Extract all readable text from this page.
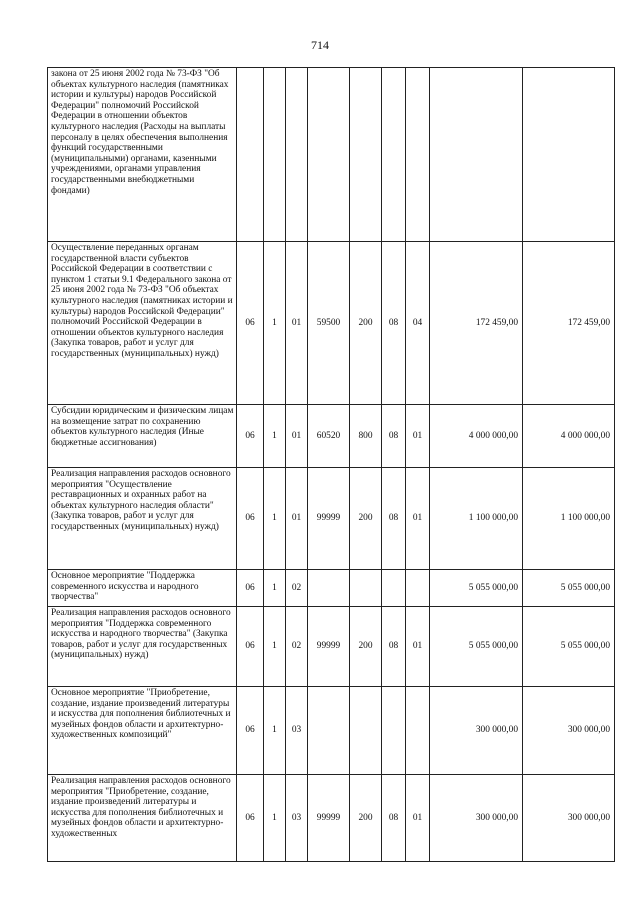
714
закона от 25 июня 2002 года № 73-ФЗ "Об объектах культурного наследия (памятниках истории и культуры) народов Российской Федерации" полномочий Российской Федерации в отношении объектов культурного наследия (Расходы на выплаты персоналу в целях обеспечения выполнения функций государственными (муниципальными) органами, казенными учреждениями, органами управления государственными внебюджетными фондами)									
Осуществление переданных органам государственной власти субъектов Российской Федерации в соответствии с пунктом 1 статьи 9.1 Федерального закона от 25 июня 2002 года № 73-ФЗ "Об объектах культурного наследия (памятниках истории и культуры) народов Российской Федерации" полномочий Российской Федерации в отношении объектов культурного наследия (Закупка товаров, работ и услуг для государственных (муниципальных) нужд)	06	1	01	59500	200	08	04	172 459,00	172 459,00
Субсидии юридическим и физическим лицам на возмещение затрат по сохранению объектов культурного наследия (Иные бюджетные ассигнования)	06	1	01	60520	800	08	01	4 000 000,00	4 000 000,00
Реализация направления расходов основного мероприятия "Осуществление реставрационных и охранных работ на объектах культурного наследия области" (Закупка товаров, работ и услуг для государственных (муниципальных) нужд)	06	1	01	99999	200	08	01	1 100 000,00	1 100 000,00
Основное мероприятие "Поддержка современного искусства и народного творчества"	06	1	02					5 055 000,00	5 055 000,00
Реализация направления расходов основного мероприятия "Поддержка современного искусства и народного творчества" (Закупка товаров, работ и услуг для государственных (муниципальных) нужд)	06	1	02	99999	200	08	01	5 055 000,00	5 055 000,00
Основное мероприятие "Приобретение, создание, издание произведений литературы и искусства для пополнения библиотечных и музейных фондов области и архитектурно-художественных композиций"	06	1	03					300 000,00	300 000,00
Реализация направления расходов основного мероприятия "Приобретение, создание, издание произведений литературы и искусства для пополнения библиотечных и музейных фондов области и архитектурно-художественных	06	1	03	99999	200	08	01	300 000,00	300 000,00
